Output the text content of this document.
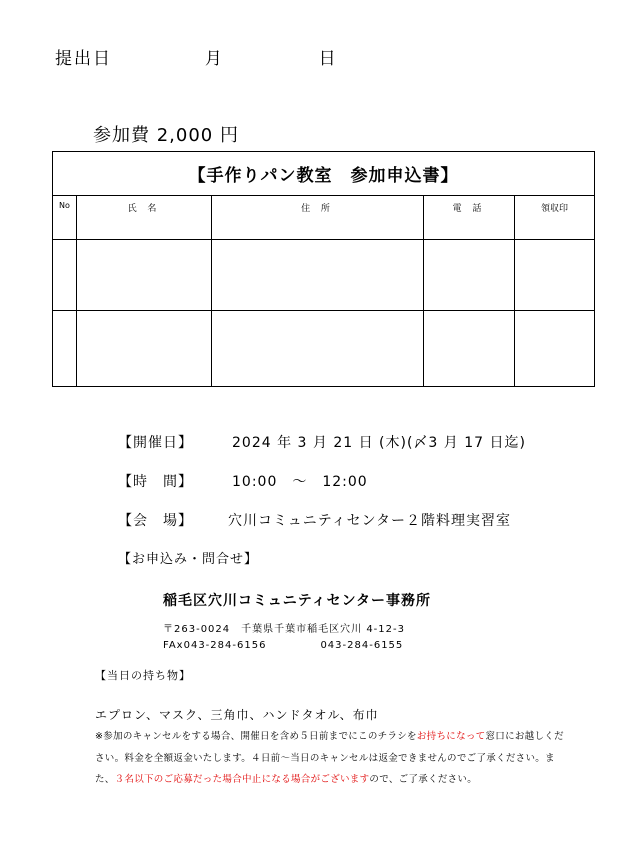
提出日	月	日
参加費 2,000 円
【手作りパン教室　参加申込書】				
No	氏 名	住 所	電 話	領収印

【開催日】	2024 年 3 月 21 日 (木)(〆3 月 17 日迄)
【時　間】	10:00　～　12:00
【会　場】	穴川コミュニティセンター２階料理実習室
【お申込み・問合せ】
稲毛区穴川コミュニティセンター事務所
〒263-0024　千葉県千葉市稲毛区穴川 4-12-3
FAx043-284-6156	043-284-6155
【当日の持ち物】
エプロン、マスク、三角巾、ハンドタオル、布巾
※参加のキャンセルをする場合、開催日を含め５日前までにこのチラシをお持ちになって窓口にお越しください。料金を全額返金いたします。４日前～当日のキャンセルは返金できませんのでご了承ください。また、３名以下のご応募だった場合中止になる場合がございますので、ご了承ください。
